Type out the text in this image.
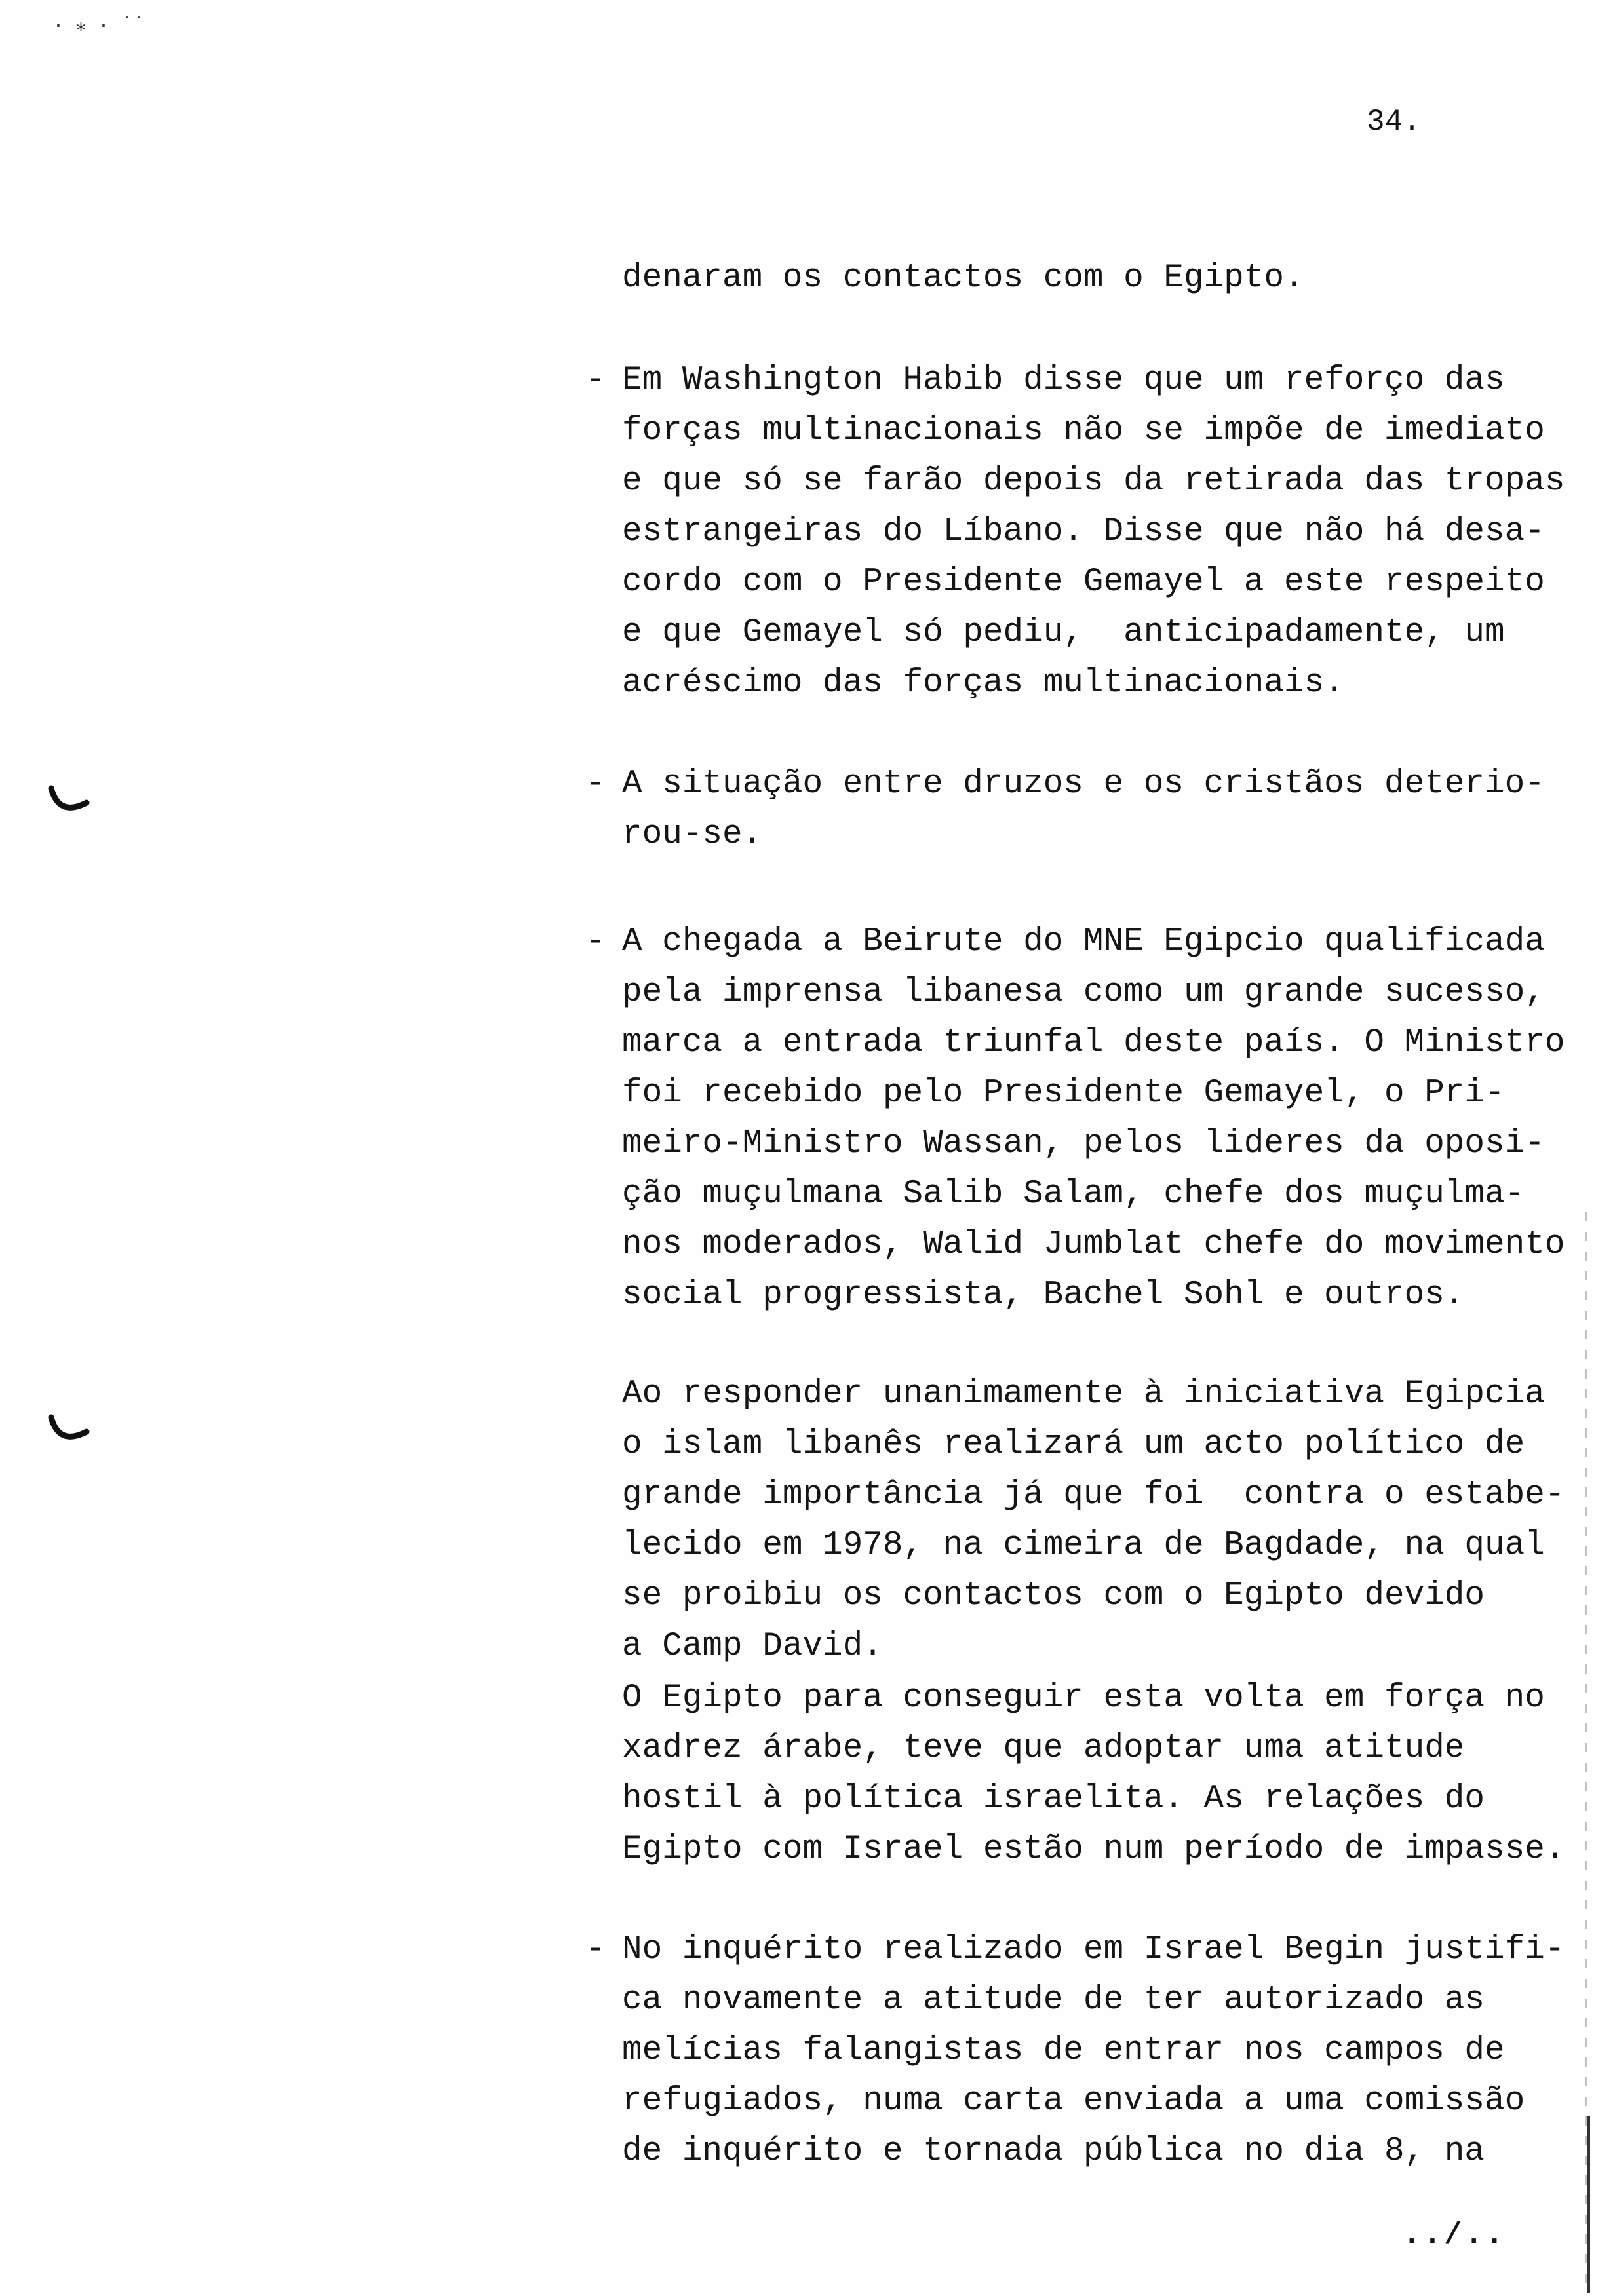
· ⁎ · ˙˙
34.
denaram os contactos com o Egipto.
- Em Washington Habib disse que um reforço das
forças multinacionais não se impõe de imediato
e que só se farão depois da retirada das tropas
estrangeiras do Líbano. Disse que não há desa-
cordo com o Presidente Gemayel a este respeito
e que Gemayel só pediu,  anticipadamente, um
acréscimo das forças multinacionais.
- A situação entre druzos e os cristãos deterio-
rou-se.
- A chegada a Beirute do MNE Egipcio qualificada
pela imprensa libanesa como um grande sucesso,
marca a entrada triunfal deste país. O Ministro
foi recebido pelo Presidente Gemayel, o Pri-
meiro-Ministro Wassan, pelos lideres da oposi-
ção muçulmana Salib Salam, chefe dos muçulma-
nos moderados, Walid Jumblat chefe do movimento
social progressista, Bachel Sohl e outros.
Ao responder unanimamente à iniciativa Egipcia
o islam libanês realizará um acto político de
grande importância já que foi  contra o estabe-
lecido em 1978, na cimeira de Bagdade, na qual
se proibiu os contactos com o Egipto devido
a Camp David.
O Egipto para conseguir esta volta em força no
xadrez árabe, teve que adoptar uma atitude
hostil à política israelita. As relações do
Egipto com Israel estão num período de impasse.
- No inquérito realizado em Israel Begin justifi-
ca novamente a atitude de ter autorizado as
melícias falangistas de entrar nos campos de
refugiados, numa carta enviada a uma comissão
de inquérito e tornada pública no dia 8, na
../..
